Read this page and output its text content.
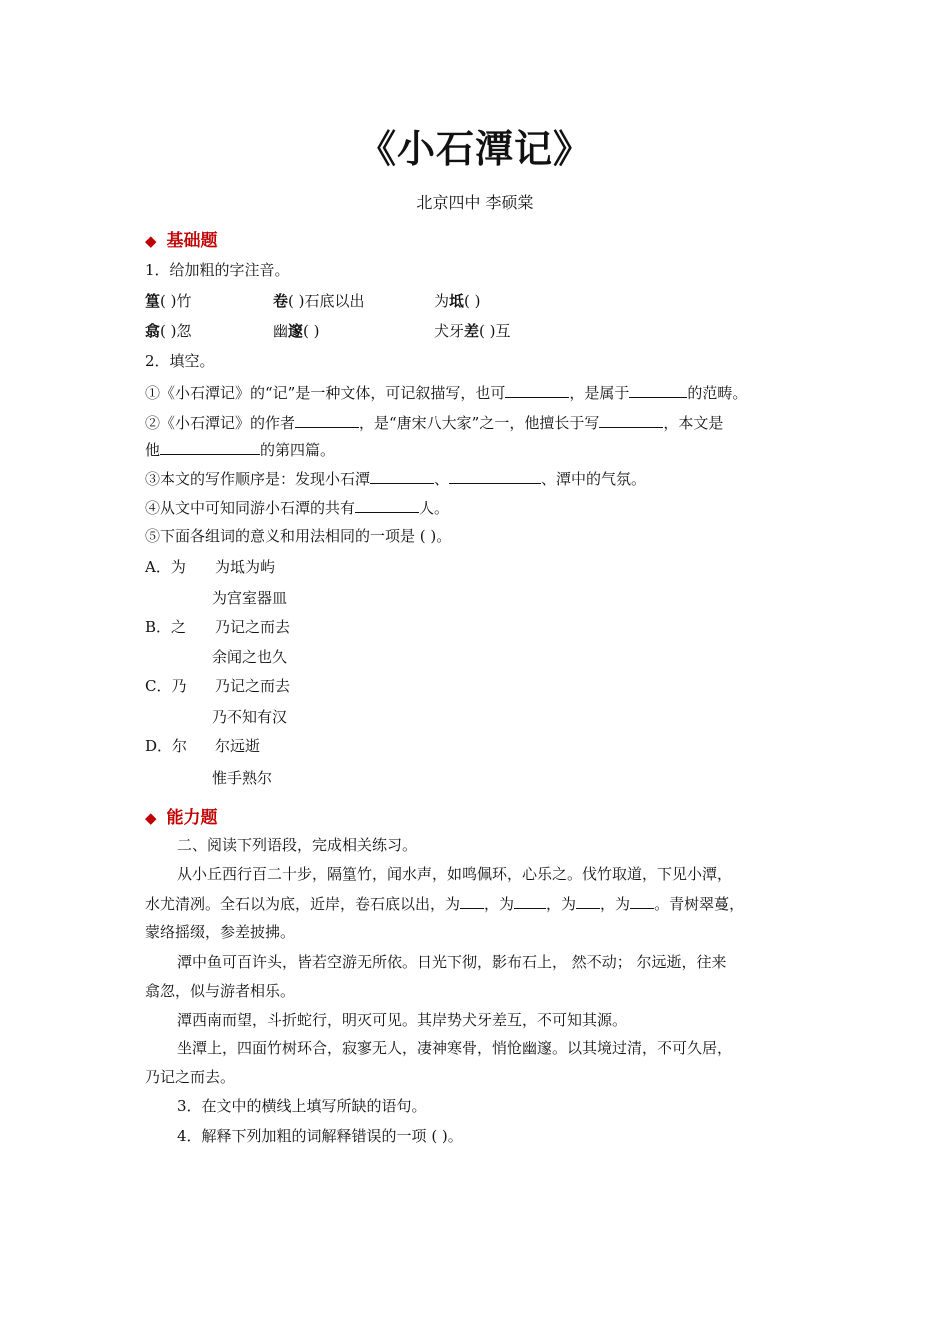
《小石潭记》
北京四中 李硕棠
◆ 基础题
1．给加粗的字注音。
篁( )竹	卷( )石底以出	为坻( )
翕( )忽	幽邃( )	犬牙差( )互
2．填空。
①《小石潭记》的“记”是一种文体，可记叙描写，也可	，是属于	的范畴。
②《小石潭记》的作者	，是“唐宋八大家”之一，他擅长于写	，本文是
他	的第四篇。
③本文的写作顺序是：发现小石潭	、	、潭中的气氛。
④从文中可知同游小石潭的共有	人。
⑤下面各组词的意义和用法相同的一项是 ( )。
A．为 为坻为屿
为宫室器皿
B．之 乃记之而去
余闻之也久
C．乃 乃记之而去
乃不知有汉
D．尔 尔远逝
惟手熟尔
◆ 能力题
二、阅读下列语段，完成相关练习。
从小丘西行百二十步，隔篁竹，闻水声，如鸣佩环，心乐之。伐竹取道，下见小潭，
水尤清冽。全石以为底，近岸，卷石底以出，为 ，为 ，为 ，为 。青树翠蔓，
蒙络摇缀，参差披拂。
潭中鱼可百许头，皆若空游无所依。日光下彻，影布石上， 然不动； 尔远逝，往来
翕忽，似与游者相乐。
潭西南而望，斗折蛇行，明灭可见。其岸势犬牙差互，不可知其源。
坐潭上，四面竹树环合，寂寥无人，凄神寒骨，悄怆幽邃。以其境过清，不可久居，
乃记之而去。
3．在文中的横线上填写所缺的语句。
4．解释下列加粗的词解释错误的一项 ( )。
